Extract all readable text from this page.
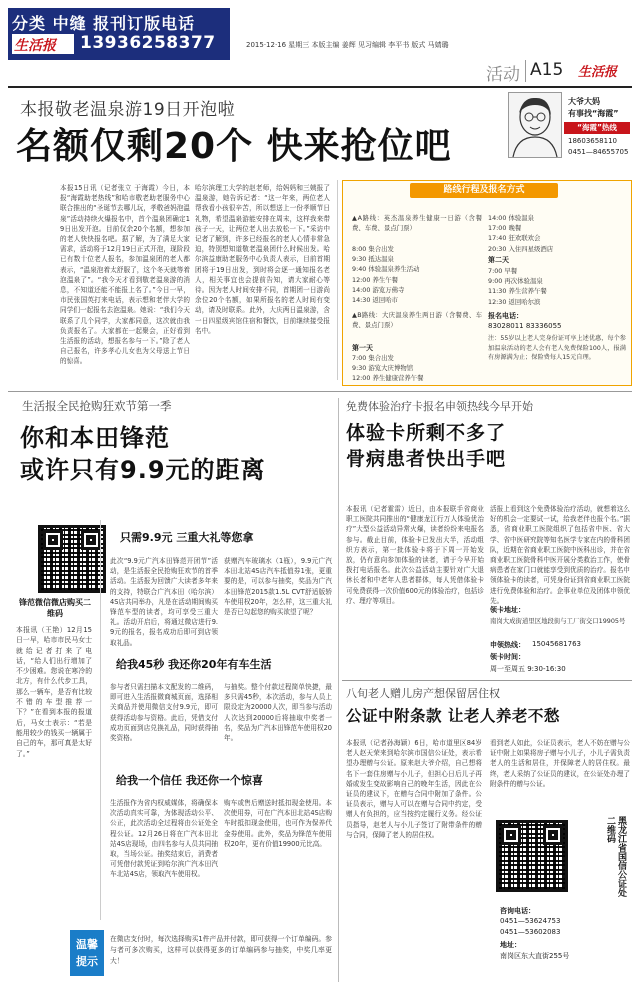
分类 中缝 报刊订版电话
生活报 13936258377	2015·12·16 星期三 本版主编 姜辉 见习编辑 李平书 版式 马婧璐
活动 A15 生活报
大爷大妈
有事找“海霞”
“海霞”热线
18603658110
0451—84655705
本报敬老温泉游19日开泡啦
名额仅剩20个 快来抢位吧
本报15日讯（记者张立 于海霞）今日，本报“海霞助老热线”和哈市敬老助老服务中心联合推出的“圣诞节去哪儿玩，孝敬爸妈泡温泉”活动持续火爆报名中，首个温泉团确定19日出发开泡。目前仅余20个名额，想参加的老人快快报名吧。据了解，为了满足大家需求，活动将于12月19日正式开泡，现阶段已有数十位老人报名，参加温泉团的老人都表示，“温泉泡着太舒服了，这个冬天就等着泡温泉了”。“我今天才看到敬老温泉游的消息，不知道还能不能报上名了。”今日一早，市民张国英打来电话，表示想和老伴大学的同学们一起报名去泡温泉。她说：“我们今天联系了几个同学，大家都同意，这次就由我负责报名了。大家都在一起聚会，正好看到生活报的活动，想报名参与一下。”除了老人自己报名，许多孝心儿女也为父母送上节日的惊喜。
哈尔滨理工大学的赵老师，给妈妈和三姨报了温泉游，她告诉记者：“这一年来，两位老人帮我看小孩很辛苦，所以想送上一份孝顺节日礼物，希望温泉游能安排在周末，这样我来带孩子一天，让两位老人出去放松一下。”采访中记者了解到，许多已经报名的老人心情非常急迫，特别想知道敬老温泉团什么时候出发。哈尔滨益康助老服务中心负责人表示，目前首期团将于19日出发，到时将会逐一通知报名老人，相关事宜也会提前告知，请大家耐心等待。因为老人时间安排不同，首期团一日游尚余位20个名额，如果所报名的老人时间有变动，请及时联系。此外，大庆两日温泉游，含一日四星级宾馆住宿和餐饮，目前继续接受报名中。
路线行程及报名方式
▲A路线：英杰温泉养生健康一日游（含餐费、车费、景点门票）
8:00 集合出发
9:30 抵达温泉
9:40 体验温泉养生活动
12:00 养生午餐
14:00 游览万佛寺
14:30 返回哈市
▲B路线：大庆温泉养生两日游（含餐费、车费、景点门票）
第一天
7:00 集合出发
9:30 游览大庆博物馆
12:00 养生健康营养午餐
14:00 体验温泉
17:00 晚餐
17:40 狂欢联欢会
20:30 入住四星级酒店
第二天
7:00 早餐
9:00 再次体验温泉
11:30 养生营养午餐
12:30 返回哈尔滨
报名电话：
83028011 83336055
注：55岁以上老人完身份证可享上述优惠，每个参加温泉活动的老人会有老人免费保险100人，报满有房源满为止；保险费每人15元自理。
生活报全民抢购狂欢节第一季
你和本田锋范
或许只有9.9元的距离
锋范微信微店购买二维码
本报讯（王艳）12月15日一早，哈市市民马女士就给记者打来了电话，“给人们出行增加了不少困难。您说在寒冷的北方，有什么代步工具，那么一辆车，是否有比较不错的车型推荐一下？”在看到本报的报道后，马女士表示：“若是能用较少的钱买一辆属于自己的车，那可真是太好了。”
只需9.9元 三重大礼等您拿
此次“9.9元广汽本田锋范开团节”活动，是生活报全民抢购狂欢节的首季活动。生活报为回馈广大读者多年来的支持，特联合广汽本田（哈尔滨）4S店共同举办，凡是在活动期间购买锋范车型的读者，均可享受三重大礼。活动开启后，将通过微店进行9.9元的报名，报名成功后即可到店领取礼品。
获赠汽车玻璃水（1瓶），9.9元广汽本田北站4S店汽车抵值券1张，更重要的是，可以参与抽奖，奖品为广汽本田锋范2015款1.5L CVT舒适版轿车使用权20年，怎么样，这三重大礼是否已勾起您的购买欲望了呢？
给我45秒 我还你20年有车生活
参与者只需扫描本文配发的二维码，即可进入生活报微商城页面，选择相关商品并使用微信支付9.9元，即可获得活动参与资格。此后，凭借支付成功页面到店兑换礼品，同时获得抽奖资格。
与抽奖。整个付款过程简单快捷，最多只需45秒，本次活动，参与人员上限设定为20000人次，即当参与活动人次达到20000后将抽取中奖者一名，奖品为广汽本田锋范车使用权20年。
给我一个信任 我还你一个惊喜
生活报作为省内权威媒体，将确保本次活动真实可靠，为体现活动公平、公正，此次活动全过程将由公证处全程公证。12月26日将在广汽本田北站4S店现场，由四名参与人员共同抽取，当场公证。抽奖结束后，消费者可凭借付款凭证到哈尔滨广汽本田汽车北站4S店，领取汽车使用权。
购车或售后赠送时抵扣现金使用。本次使用券，可在广汽本田北站4S店购车时抵扣现金使用，也可作为保养代金券使用。此外，奖品为锋范车使用权20年，更有价值19900元比高。
温馨提示
在微店支付时，每次选择购买1件产品并付款，即可获得一个订单编码。参与者可多次购买，这样可以获得更多的订单编码参与抽奖，中奖几率更大！
免费体验治疗卡报名申领热线今早开始
体验卡所剩不多了
骨病患者快出手吧
本报讯（记者霍雷）近日，由本报联手省商业职工医院共同推出的“健康龙江行万人体验优治疗”大型公益活动异常火爆，读者纷纷来电报名参与。截止目前，体验卡已发出大半，活动组织方表示，第一批体验卡将于下周一开始发放，仍有意向参加体验的读者，请于今早开始拨打电话报名。此次公益活动主要针对广大退休长者和中老年人患者群体，每人凭借体验卡可免费获得一次价值600元的体验治疗，包括诊疗、理疗等项目。
活报上看到这个免费体验治疗活动，就想着这么好的机会一定要试一试，给我老伴也报个名。”据悉，省商业职工医院组织了包括省中医、省大学、省中医研究院等知名医学专家在内的骨科团队，近期在省商业职工医院中医科出诊，并在省商业职工医院骨科中医开展分类救治工作，使骨病患者在家门口就能享受到优质的治疗。报名申领体验卡的读者，可凭身份证到省商业职工医院进行免费体验和治疗。企事业单位及团体申领优先。
领卡地址：
南岗大成街道里区地段街与工厂街交口19905号
申领热线： 15045681763
领卡时间：
周一至周五 9:30-16:30
八旬老人赠儿房产想保留居住权
公证中附条款 让老人养老不愁
本报讯（记者孙海颖）6日，哈市道里区84岁老人赵天荣来到哈尔滨市国信公证处，表示希望办理赠与公证。原来赵大爷介绍，自己想将名下一套住房赠与小儿子，但担心日后儿子再婚或发生变故影响自己的晚年生活，因此在公证员的建议下，在赠与合同中附加了条件。公证员表示，赠与人可以在赠与合同中约定，受赠人有负担的，应当按约定履行义务。经公证员指导，赵老人与小儿子签订了附带条件的赠与合同，保障了老人的居住权。
看到老人如此，公证员表示，老人不妨在赠与公证中附上如果将房子赠与小儿子，小儿子需负责老人的生活和居住，并保障老人的居住权。最终，老人采纳了公证员的建议，在公证处办理了附条件的赠与公证。
黑龙江省国信公证处二维码
咨询电话：
0451—53624753
0451—53602083
地址：
南岗区东大直街255号
